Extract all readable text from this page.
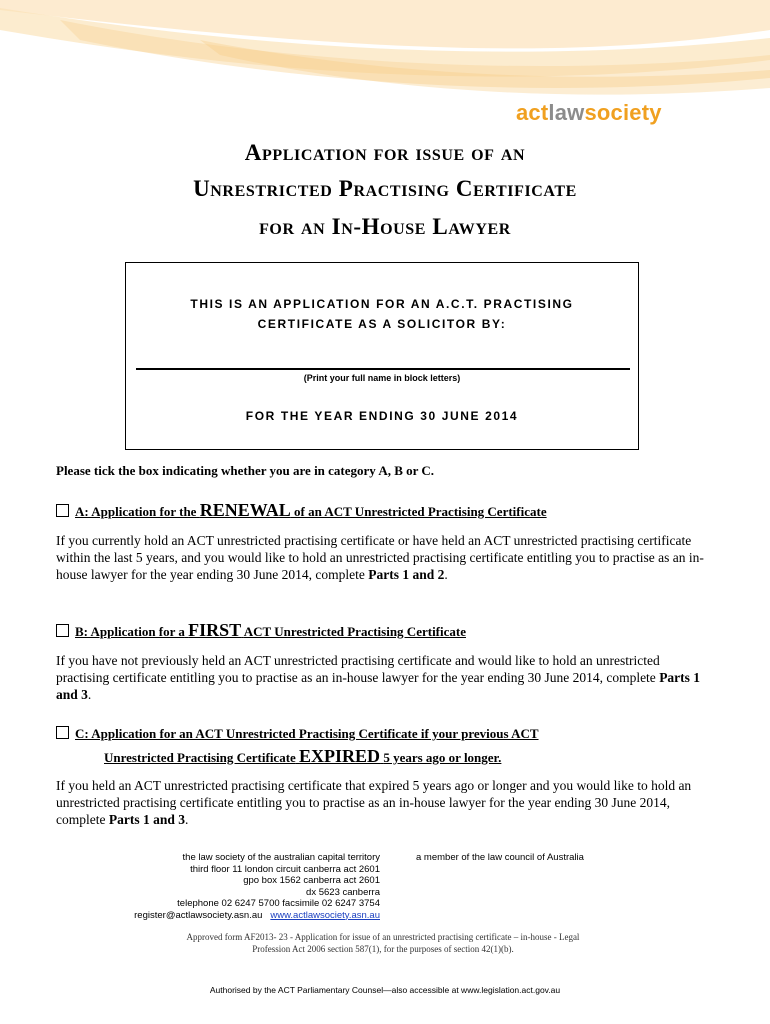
actlawsociety
Application for issue of an
Unrestricted Practising Certificate
for an In-House Lawyer
THIS IS AN APPLICATION FOR AN A.C.T. PRACTISING
CERTIFICATE AS A SOLICITOR BY:
(Print your full name in block letters)
FOR THE YEAR ENDING 30 JUNE 2014
Please tick the box indicating whether you are in category A, B or C.
A: Application for the RENEWAL of an ACT Unrestricted Practising Certificate
If you currently hold an ACT unrestricted practising certificate or have held an ACT unrestricted practising certificate within the last 5 years, and you would like to hold an unrestricted practising certificate entitling you to practise as an in-house lawyer for the year ending 30 June 2014, complete Parts 1 and 2.
B: Application for a FIRST ACT Unrestricted Practising Certificate
If you have not previously held an ACT unrestricted practising certificate and would like to hold an unrestricted practising certificate entitling you to practise as an in-house lawyer for the year ending 30 June 2014, complete Parts 1 and 3.
C: Application for an ACT Unrestricted Practising Certificate if your previous ACT
Unrestricted Practising Certificate EXPIRED 5 years ago or longer.
If you held an ACT unrestricted practising certificate that expired 5 years ago or longer and you would like to hold an unrestricted practising certificate entitling you to practise as an in-house lawyer for the year ending 30 June 2014, complete Parts 1 and 3.
the law society of the australian capital territory
third floor 11 london circuit canberra act 2601
gpo box 1562 canberra act 2601
dx 5623 canberra
telephone 02 6247 5700 facsimile 02 6247 3754
register@actlawsociety.asn.au www.actlawsociety.asn.au
a member of the law council of Australia
Approved form AF2013- 23 - Application for issue of an unrestricted practising certificate – in-house - Legal
Profession Act 2006 section 587(1), for the purposes of section 42(1)(b).
Authorised by the ACT Parliamentary Counsel—also accessible at www.legislation.act.gov.au
